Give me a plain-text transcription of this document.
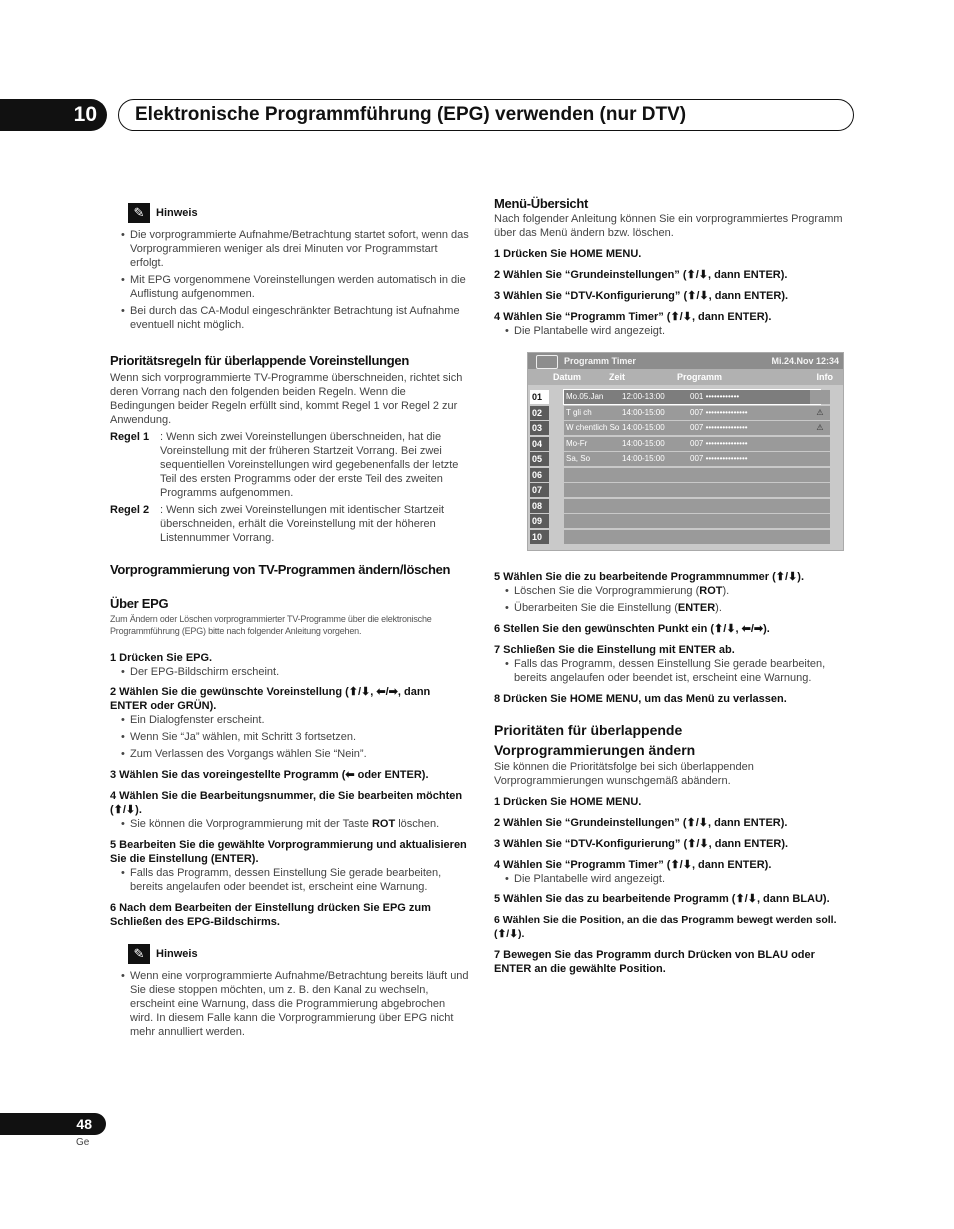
10	Elektronische Programmführung (EPG) verwenden (nur DTV)
✎	Hinweis
• Die vorprogrammierte Aufnahme/Betrachtung startet sofort, wenn das Vorprogrammieren weniger als drei Minuten vor Programmstart erfolgt.
• Mit EPG vorgenommene Voreinstellungen werden automatisch in die Auflistung aufgenommen.
• Bei durch das CA-Modul eingeschränkter Betrachtung ist Aufnahme eventuell nicht möglich.
Prioritätsregeln für überlappende Voreinstellungen
Wenn sich vorprogrammierte TV-Programme überschneiden, richtet sich deren Vorrang nach den folgenden beiden Regeln. Wenn die Bedingungen beider Regeln erfüllt sind, kommt Regel 1 vor Regel 2 zur Anwendung.
Regel 1 : Wenn sich zwei Voreinstellungen überschneiden, hat die Voreinstellung mit der früheren Startzeit Vorrang. Bei zwei sequentiellen Voreinstellungen wird gegebenenfalls der letzte Teil des ersten Programms oder der erste Teil des zweiten Programms aufgenommen.
Regel 2 : Wenn sich zwei Voreinstellungen mit identischer Startzeit überschneiden, erhält die Voreinstellung mit der höheren Listennummer Vorrang.
Vorprogrammierung von TV-Programmen ändern/löschen
Über EPG
Zum Ändern oder Löschen vorprogrammierter TV-Programme über die elektronische Programmführung (EPG) bitte nach folgender Anleitung vorgehen.
1 Drücken Sie EPG.
• Der EPG-Bildschirm erscheint.
2 Wählen Sie die gewünschte Voreinstellung (⬆/⬇, ⬅/➡, dann ENTER oder GRÜN).
• Ein Dialogfenster erscheint.
• Wenn Sie “Ja” wählen, mit Schritt 3 fortsetzen.
• Zum Verlassen des Vorgangs wählen Sie “Nein”.
3 Wählen Sie das voreingestellte Programm (⬅ oder ENTER).
4 Wählen Sie die Bearbeitungsnummer, die Sie bearbeiten möchten (⬆/⬇).
• Sie können die Vorprogrammierung mit der Taste ROT löschen.
5 Bearbeiten Sie die gewählte Vorprogrammierung und aktualisieren Sie die Einstellung (ENTER).
• Falls das Programm, dessen Einstellung Sie gerade bearbeiten, bereits angelaufen oder beendet ist, erscheint eine Warnung.
6 Nach dem Bearbeiten der Einstellung drücken Sie EPG zum Schließen des EPG-Bildschirms.
✎	Hinweis
• Wenn eine vorprogrammierte Aufnahme/Betrachtung bereits läuft und Sie diese stoppen möchten, um z. B. den Kanal zu wechseln, erscheint eine Warnung, dass die Programmierung abgebrochen wird. In diesem Falle kann die Vorprogrammierung über EPG nicht mehr annulliert werden.
Menü-Übersicht
Nach folgender Anleitung können Sie ein vorprogrammiertes Programm über das Menü ändern bzw. löschen.
1 Drücken Sie HOME MENU.
2 Wählen Sie “Grundeinstellungen” (⬆/⬇, dann ENTER).
3 Wählen Sie “DTV-Konfigurierung” (⬆/⬇, dann ENTER).
4 Wählen Sie “Programm Timer” (⬆/⬇, dann ENTER).
• Die Plantabelle wird angezeigt.
Programm Timer	Mi.24.Nov 12:34
Datum	Zeit	Programm	Info
01	Mo.05.Jan 12:00-13:00	001 ••••••••••••
02	T gli ch	14:00-15:00	007 •••••••••••••••	⚠
03	W chentlich So 14:00-15:00	007 •••••••••••••••	⚠
04	Mo-Fr	14:00-15:00	007 •••••••••••••••
05	Sa, So	14:00-15:00	007 •••••••••••••••
06
07
08
09
10
5 Wählen Sie die zu bearbeitende Programmnummer (⬆/⬇).
• Löschen Sie die Vorprogrammierung (ROT).
• Überarbeiten Sie die Einstellung (ENTER).
6 Stellen Sie den gewünschten Punkt ein (⬆/⬇, ⬅/➡).
7 Schließen Sie die Einstellung mit ENTER ab.
• Falls das Programm, dessen Einstellung Sie gerade bearbeiten, bereits angelaufen oder beendet ist, erscheint eine Warnung.
8 Drücken Sie HOME MENU, um das Menü zu verlassen.
Prioritäten für überlappende
Vorprogrammierungen ändern
Sie können die Prioritätsfolge bei sich überlappenden Vorprogrammierungen wunschgemäß abändern.
1 Drücken Sie HOME MENU.
2 Wählen Sie “Grundeinstellungen” (⬆/⬇, dann ENTER).
3 Wählen Sie “DTV-Konfigurierung” (⬆/⬇, dann ENTER).
4 Wählen Sie “Programm Timer” (⬆/⬇, dann ENTER).
• Die Plantabelle wird angezeigt.
5 Wählen Sie das zu bearbeitende Programm (⬆/⬇, dann BLAU).
6 Wählen Sie die Position, an die das Programm bewegt werden soll. (⬆/⬇).
7 Bewegen Sie das Programm durch Drücken von BLAU oder ENTER an die gewählte Position.
48
Ge
